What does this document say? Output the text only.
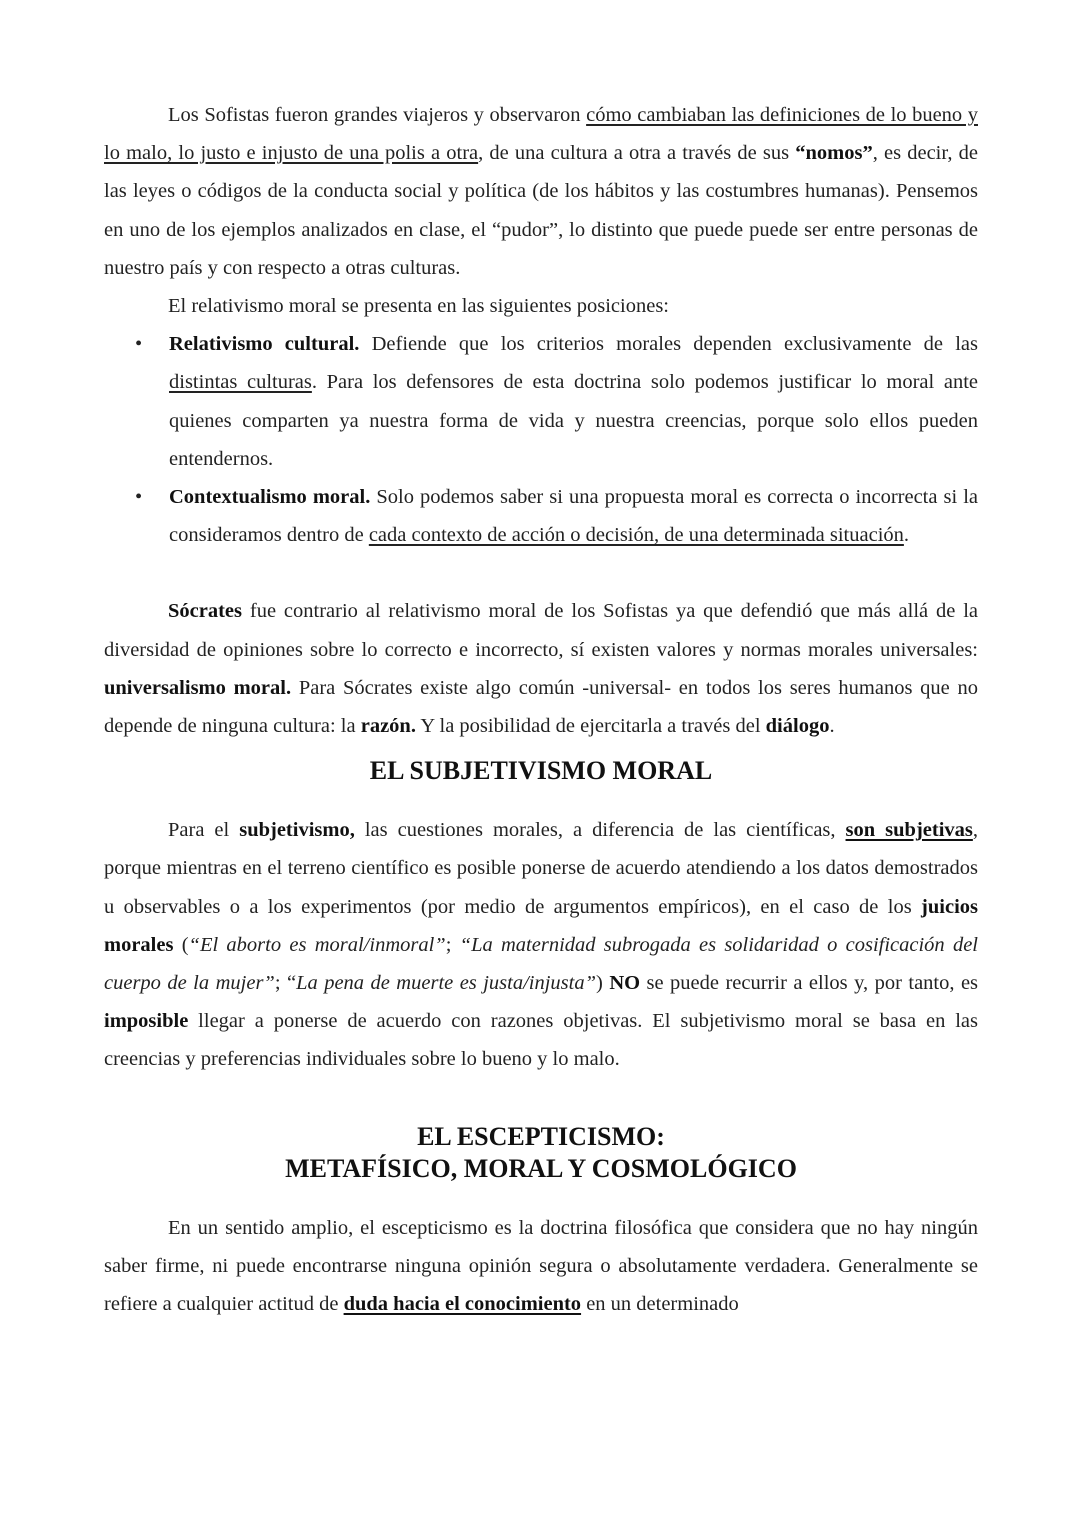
Los Sofistas fueron grandes viajeros y observaron cómo cambiaban las definiciones de lo bueno y lo malo, lo justo e injusto de una polis a otra, de una cultura a otra a través de sus “nomos”, es decir, de las leyes o códigos de la conducta social y política (de los hábitos y las costumbres humanas). Pensemos en uno de los ejemplos analizados en clase, el “pudor”, lo distinto que puede puede ser entre personas de nuestro país y con respecto a otras culturas.

El relativismo moral se presenta en las siguientes posiciones:

• Relativismo cultural. Defiende que los criterios morales dependen exclusivamente de las distintas culturas. Para los defensores de esta doctrina solo podemos justificar lo moral ante quienes comparten ya nuestra forma de vida y nuestra creencias, porque solo ellos pueden entendernos.
• Contextualismo moral. Solo podemos saber si una propuesta moral es correcta o incorrecta si la consideramos dentro de cada contexto de acción o decisión, de una determinada situación.

Sócrates fue contrario al relativismo moral de los Sofistas ya que defendió que más allá de la diversidad de opiniones sobre lo correcto e incorrecto, sí existen valores y normas morales universales: universalismo moral. Para Sócrates existe algo común -universal- en todos los seres humanos que no depende de ninguna cultura: la razón. Y la posibilidad de ejercitarla a través del diálogo.

EL SUBJETIVISMO MORAL

Para el subjetivismo, las cuestiones morales, a diferencia de las científicas, son subjetivas, porque mientras en el terreno científico es posible ponerse de acuerdo atendiendo a los datos demostrados u observables o a los experimentos (por medio de argumentos empíricos), en el caso de los juicios morales (“El aborto es moral/inmoral”; “La maternidad subrogada es solidaridad o cosificación del cuerpo de la mujer”; “La pena de muerte es justa/injusta”) NO se puede recurrir a ellos y, por tanto, es imposible llegar a ponerse de acuerdo con razones objetivas. El subjetivismo moral se basa en las creencias y preferencias individuales sobre lo bueno y lo malo.

EL ESCEPTICISMO:
METAFÍSICO, MORAL Y COSMOLÓGICO

En un sentido amplio, el escepticismo es la doctrina filosófica que considera que no hay ningún saber firme, ni puede encontrarse ninguna opinión segura o absolutamente verdadera. Generalmente se refiere a cualquier actitud de duda hacia el conocimiento en un determinado
